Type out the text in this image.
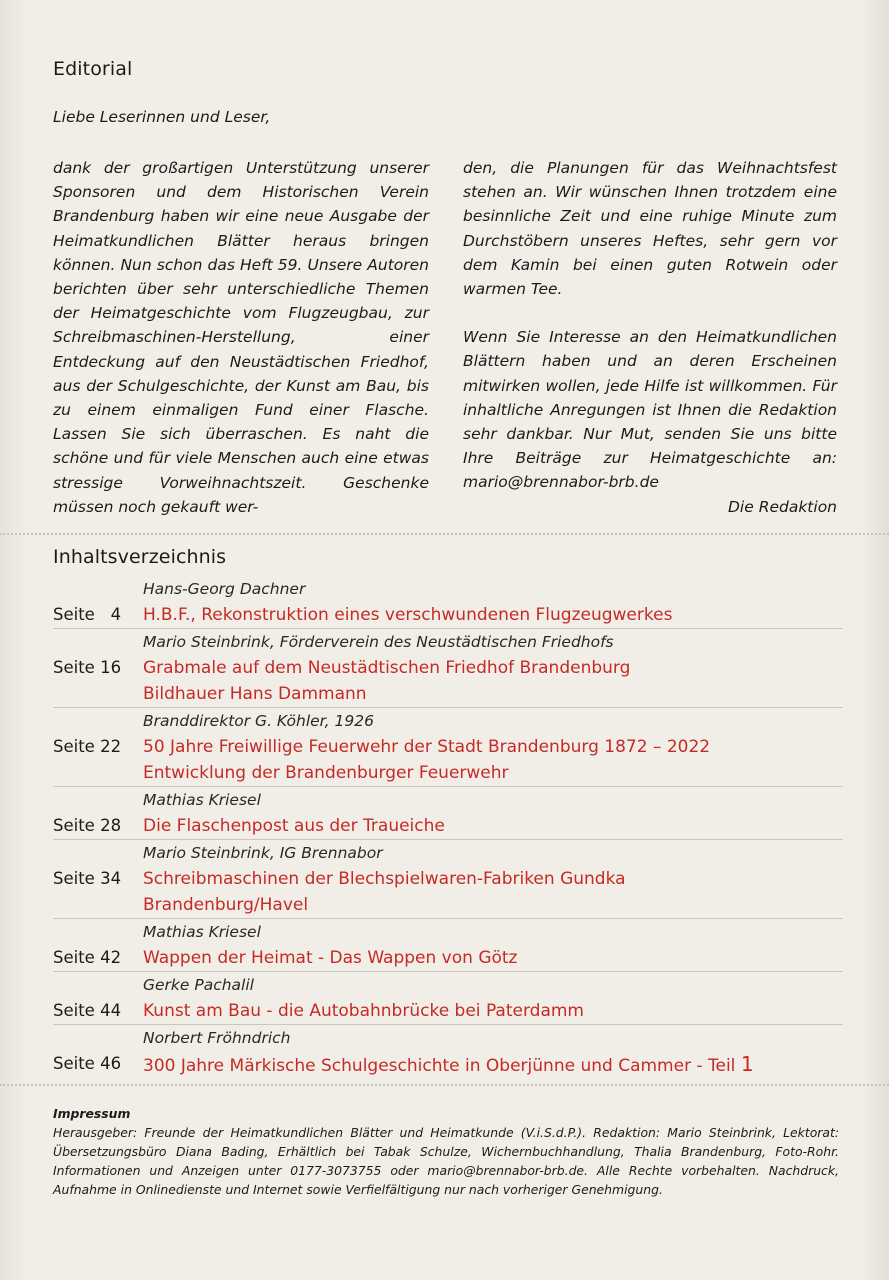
Editorial
Liebe Leserinnen und Leser,

dank der großartigen Unterstützung unserer Sponsoren und dem Historischen Verein Brandenburg haben wir eine neue Ausgabe der Heimatkundlichen Blätter heraus bringen können. Nun schon das Heft 59. Unsere Autoren berichten über sehr unterschiedliche Themen der Heimatgeschichte vom Flugzeugbau, zur Schreibmaschinen-Herstellung, einer Entdeckung auf den Neustädtischen Friedhof, aus der Schulgeschichte, der Kunst am Bau, bis zu einem einmaligen Fund einer Flasche. Lassen Sie sich überraschen. Es naht die schöne und für viele Menschen auch eine etwas stressige Vorweihnachtszeit. Geschenke müssen noch gekauft wer-

den, die Planungen für das Weihnachtsfest stehen an. Wir wünschen Ihnen trotzdem eine besinnliche Zeit und eine ruhige Minute zum Durchstöbern unseres Heftes, sehr gern vor dem Kamin bei einen guten Rotwein oder warmen Tee.

Wenn Sie Interesse an den Heimatkundlichen Blättern haben und an deren Erscheinen mitwirken wollen, jede Hilfe ist willkommen. Für inhaltliche Anregungen ist Ihnen die Redaktion sehr dankbar. Nur Mut, senden Sie uns bitte Ihre Beiträge zur Heimatgeschichte an: mario@brennabor-brb.de

Die Redaktion

Inhaltsverzeichnis
Hans-Georg Dachner
Seite   4	H.B.F., Rekonstruktion eines verschwundenen Flugzeugwerkes
Mario Steinbrink, Förderverein des Neustädtischen Friedhofs
Seite 16	Grabmale auf dem Neustädtischen Friedhof Brandenburg
Bildhauer Hans Dammann
Branddirektor G. Köhler, 1926
Seite 22	50 Jahre Freiwillige Feuerwehr der Stadt Brandenburg 1872 – 2022
Entwicklung der Brandenburger Feuerwehr
Mathias Kriesel
Seite 28	Die Flaschenpost aus der Traueiche
Mario Steinbrink, IG Brennabor
Seite 34	Schreibmaschinen der Blechspielwaren-Fabriken Gundka
Brandenburg/Havel
Mathias Kriesel
Seite 42	Wappen der Heimat - Das Wappen von Götz
Gerke Pachalil
Seite 44	Kunst am Bau - die Autobahnbrücke bei Paterdamm
Norbert Fröhndrich
Seite 46	300 Jahre Märkische Schulgeschichte in Oberjünne und Cammer - Teil 1
Impressum
Herausgeber: Freunde der Heimatkundlichen Blätter und Heimatkunde (V.i.S.d.P.). Redaktion: Mario Steinbrink, Lektorat: Übersetzungsbüro Diana Bading, Erhältlich bei Tabak Schulze, Wichernbuchhandlung, Thalia Brandenburg, Foto-Rohr. Informationen und Anzeigen unter 0177-3073755 oder mario@brennabor-brb.de. Alle Rechte vorbehalten. Nachdruck, Aufnahme in Onlinedienste und Internet sowie Verfielfältigung nur nach vorheriger Genehmigung.
